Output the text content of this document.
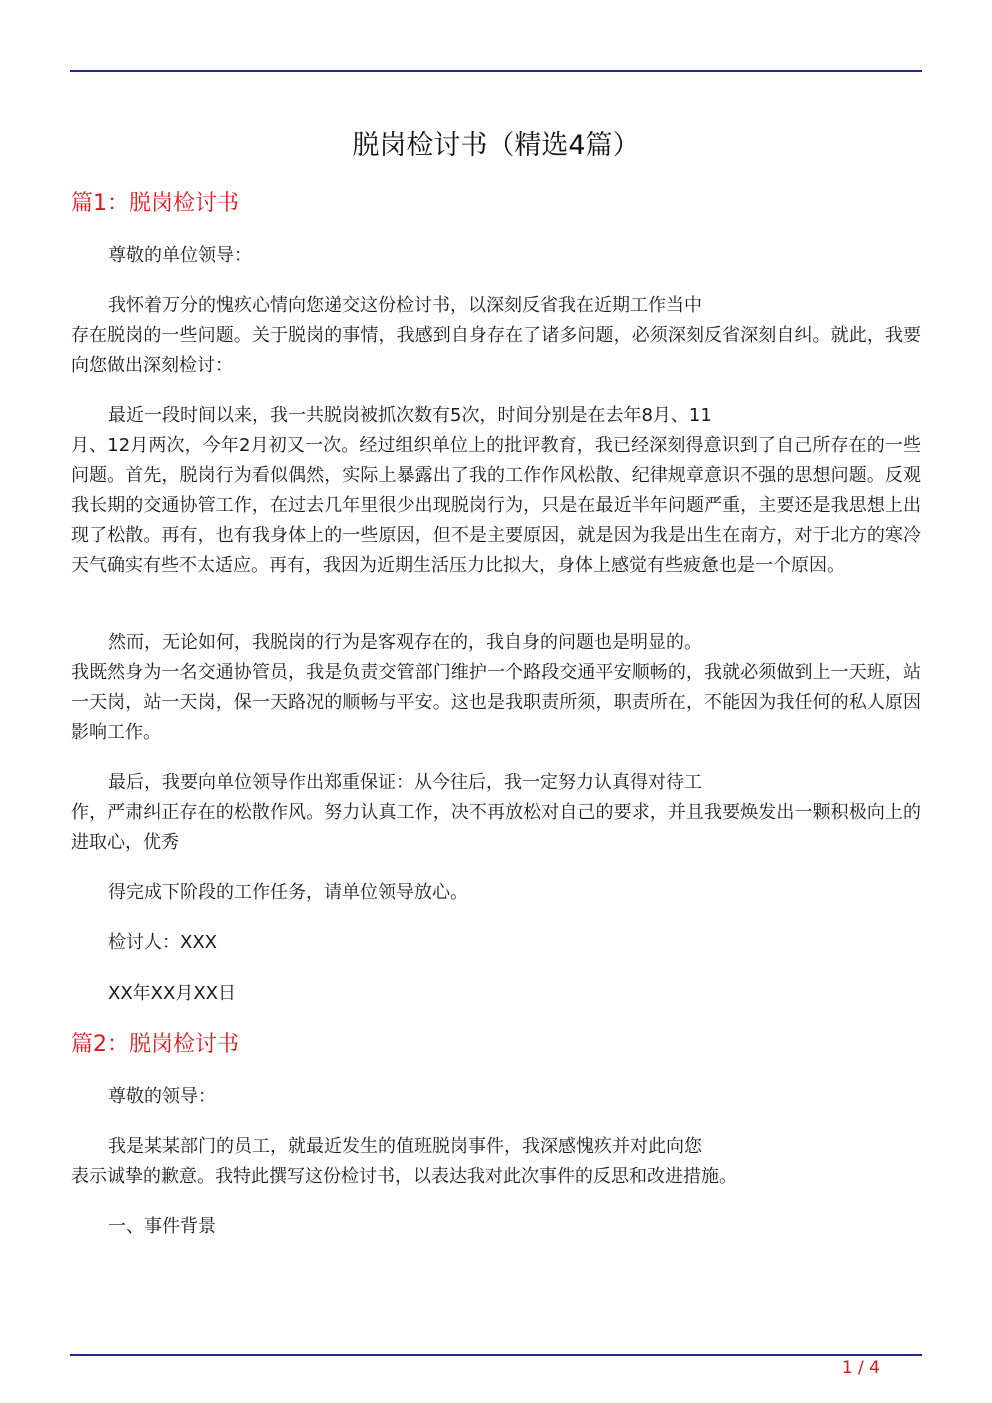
脱岗检讨书（精选4篇）
篇1：脱岗检讨书

尊敬的单位领导：

我怀着万分的愧疚心情向您递交这份检讨书，以深刻反省我在近期工作当中
存在脱岗的一些问题。关于脱岗的事情，我感到自身存在了诸多问题，必须深刻反省深刻自纠。就此，我要向您做出深刻检讨：

最近一段时间以来，我一共脱岗被抓次数有5次，时间分别是在去年8月、11
月、12月两次，今年2月初又一次。经过组织单位上的批评教育，我已经深刻得意识到了自己所存在的一些问题。首先，脱岗行为看似偶然，实际上暴露出了我的工作作风松散、纪律规章意识不强的思想问题。反观我长期的交通协管工作，在过去几年里很少出现脱岗行为，只是在最近半年问题严重，主要还是我思想上出现了松散。再有，也有我身体上的一些原因，但不是主要原因，就是因为我是出生在南方，对于北方的寒冷天气确实有些不太适应。再有，我因为近期生活压力比拟大，身体上感觉有些疲惫也是一个原因。

然而，无论如何，我脱岗的行为是客观存在的，我自身的问题也是明显的。
我既然身为一名交通协管员，我是负责交管部门维护一个路段交通平安顺畅的，我就必须做到上一天班，站一天岗，站一天岗，保一天路况的顺畅与平安。这也是我职责所须，职责所在，不能因为我任何的私人原因影响工作。

最后，我要向单位领导作出郑重保证：从今往后，我一定努力认真得对待工
作，严肃纠正存在的松散作风。努力认真工作，决不再放松对自己的要求，并且我要焕发出一颗积极向上的进取心，优秀

得完成下阶段的工作任务，请单位领导放心。

检讨人：XXX

XX年XX月XX日

篇2：脱岗检讨书

尊敬的领导：

我是某某部门的员工，就最近发生的值班脱岗事件，我深感愧疚并对此向您
表示诚挚的歉意。我特此撰写这份检讨书，以表达我对此次事件的反思和改进措施。

一、事件背景

1 / 4
